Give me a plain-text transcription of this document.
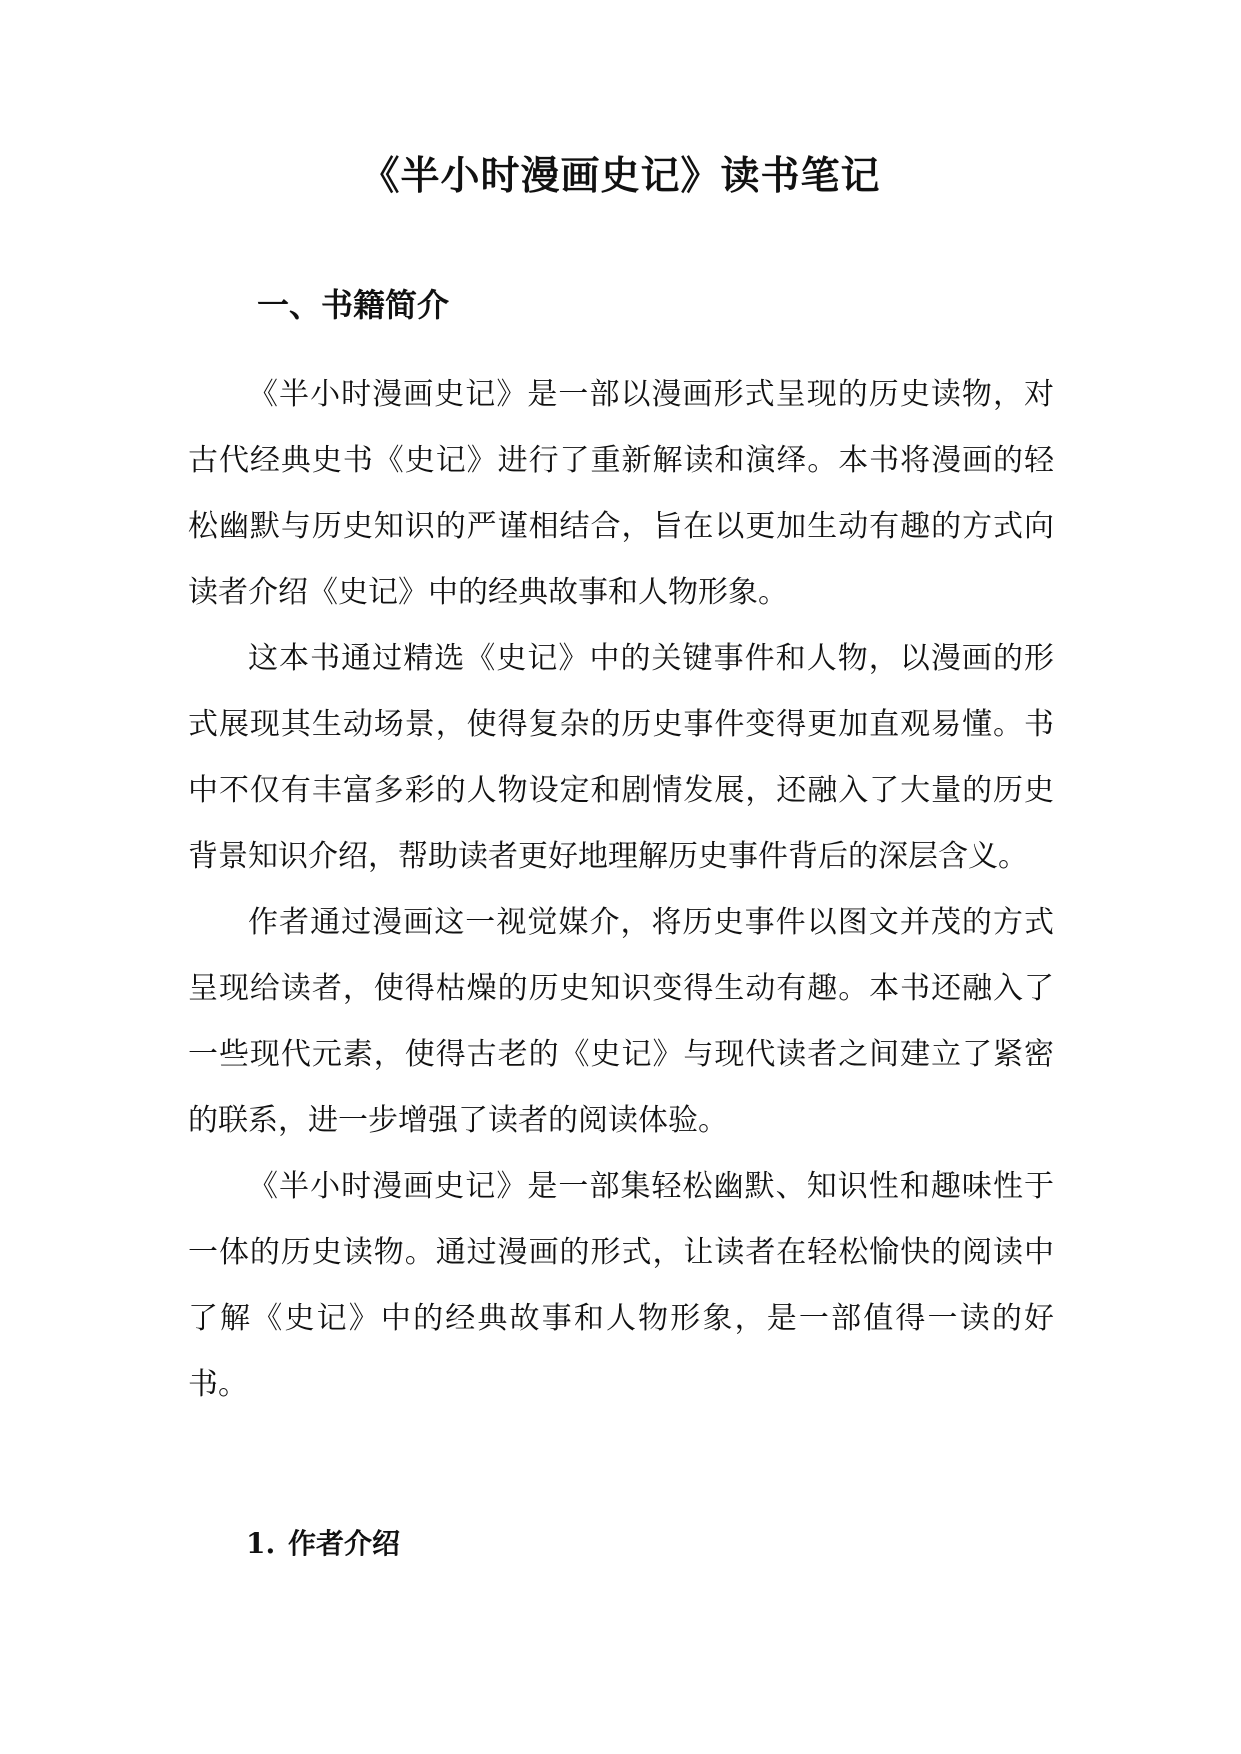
《半小时漫画史记》读书笔记
一、书籍简介

《半小时漫画史记》是一部以漫画形式呈现的历史读物，对古代经典史书《史记》进行了重新解读和演绎。本书将漫画的轻松幽默与历史知识的严谨相结合，旨在以更加生动有趣的方式向读者介绍《史记》中的经典故事和人物形象。

这本书通过精选《史记》中的关键事件和人物，以漫画的形式展现其生动场景，使得复杂的历史事件变得更加直观易懂。书中不仅有丰富多彩的人物设定和剧情发展，还融入了大量的历史背景知识介绍，帮助读者更好地理解历史事件背后的深层含义。

作者通过漫画这一视觉媒介，将历史事件以图文并茂的方式呈现给读者，使得枯燥的历史知识变得生动有趣。本书还融入了一些现代元素，使得古老的《史记》与现代读者之间建立了紧密的联系，进一步增强了读者的阅读体验。

《半小时漫画史记》是一部集轻松幽默、知识性和趣味性于一体的历史读物。通过漫画的形式，让读者在轻松愉快的阅读中了解《史记》中的经典故事和人物形象，是一部值得一读的好书。

1. 作者介绍
